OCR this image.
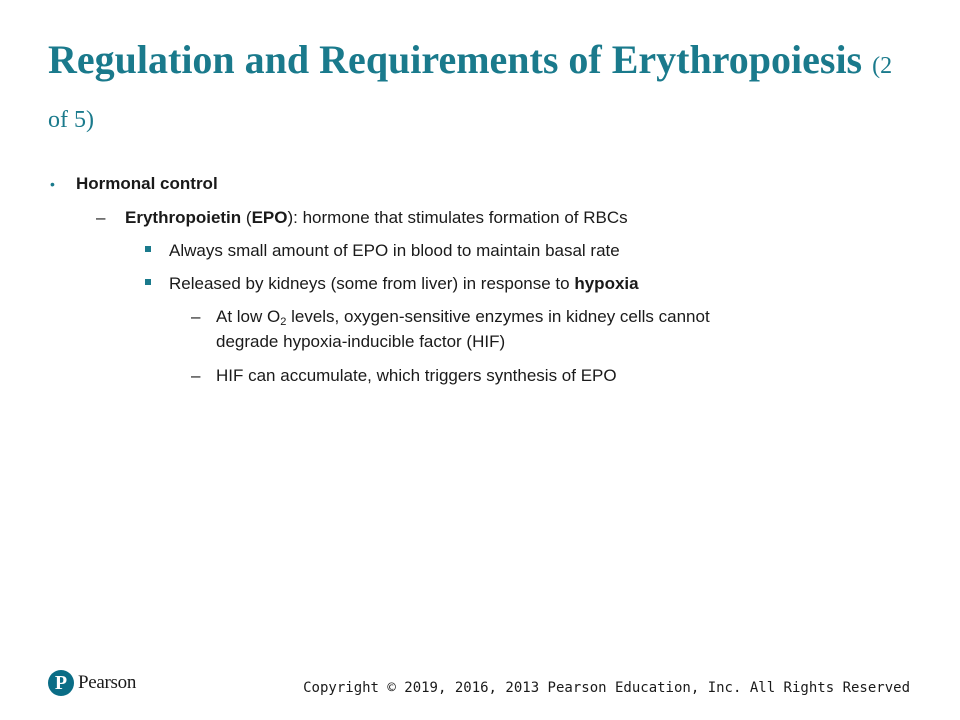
Regulation and Requirements of Erythropoiesis (2 of 5)
• Hormonal control
– Erythropoietin (EPO): hormone that stimulates formation of RBCs
Always small amount of EPO in blood to maintain basal rate
Released by kidneys (some from liver) in response to hypoxia
– At low $O_2$ levels, oxygen-sensitive enzymes in kidney cells cannot
degrade hypoxia-inducible factor (HIF)
– HIF can accumulate, which triggers synthesis of EPO
P Pearson	Copyright © 2019, 2016, 2013 Pearson Education, Inc. All Rights Reserved
